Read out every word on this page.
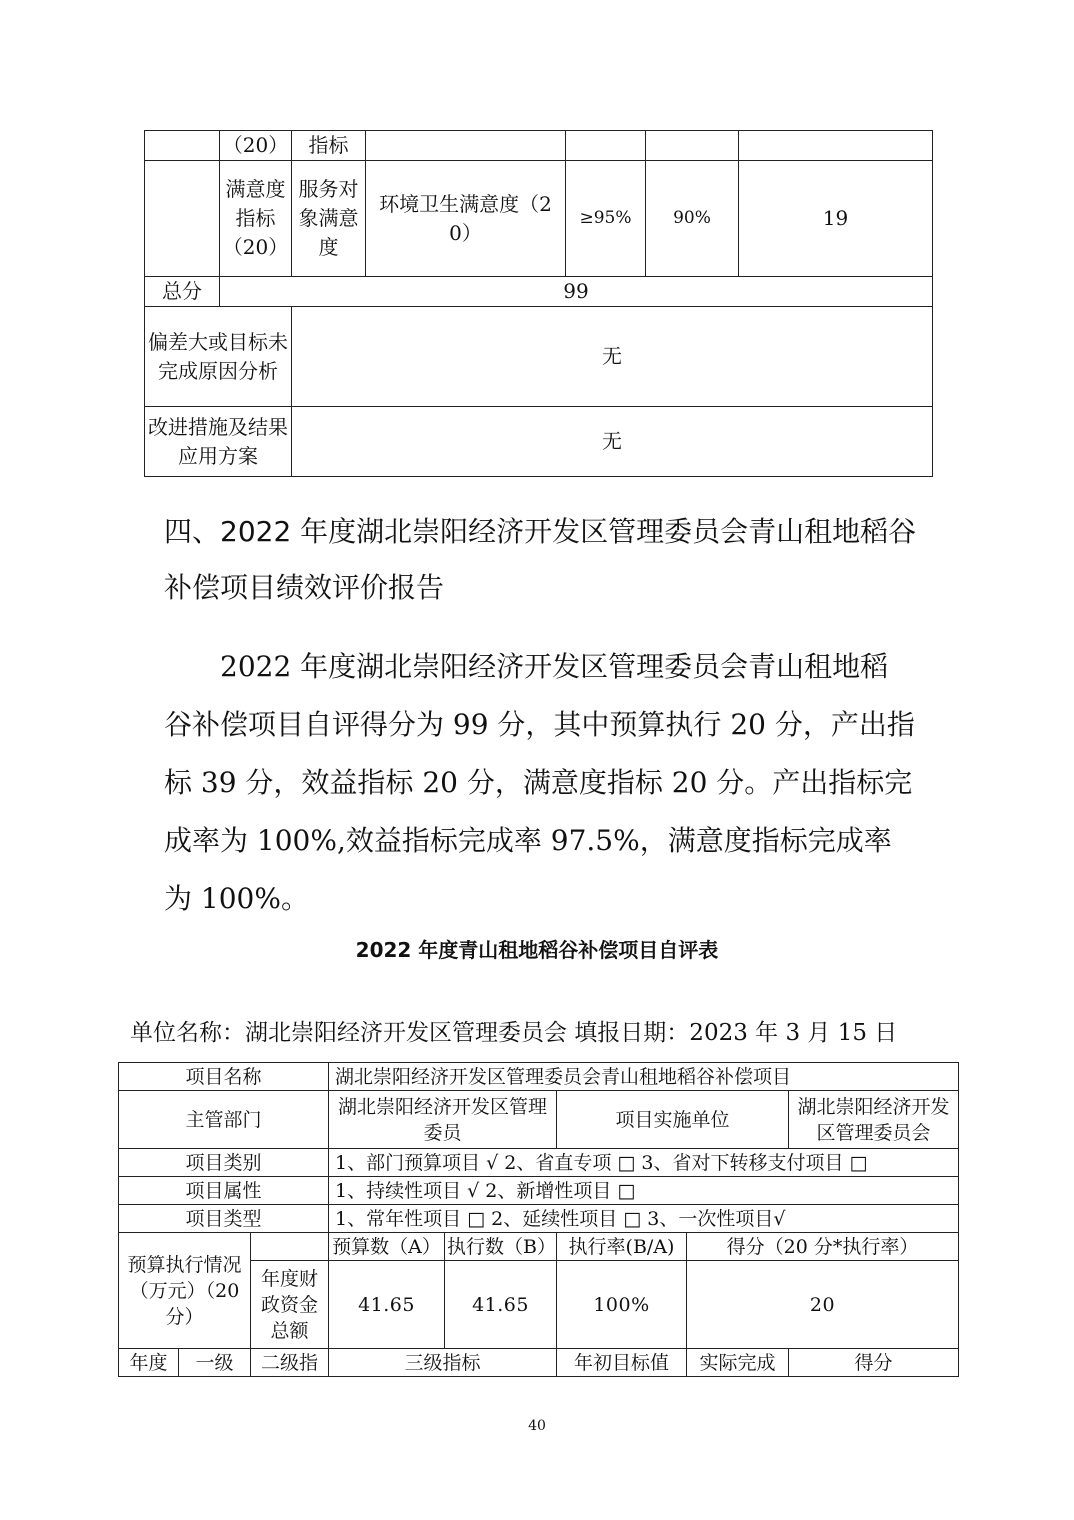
	（20）	指标				
	满意度指标（20）	服务对象满意度	环境卫生满意度（20）	≥95%	90%	19
总分	99					
偏差大或目标未完成原因分析		无				
改进措施及结果应用方案		无				
四、2022 年度湖北崇阳经济开发区管理委员会青山租地稻谷
补偿项目绩效评价报告

2022 年度湖北崇阳经济开发区管理委员会青山租地稻谷补偿项目自评得分为 99 分，其中预算执行 20 分，产出指标 39 分，效益指标 20 分，满意度指标 20 分。产出指标完成率为 100%,效益指标完成率 97.5%，满意度指标完成率为 100%。

2022 年度青山租地稻谷补偿项目自评表
单位名称：湖北崇阳经济开发区管理委员会 填报日期：2023 年 3 月 15 日
项目名称			湖北崇阳经济开发区管理委员会青山租地稻谷补偿项目				
主管部门			湖北崇阳经济开发区管理委员		项目实施单位		湖北崇阳经济开发区管理委员会
项目类别			1、部门预算项目 √ 2、省直专项 □ 3、省对下转移支付项目 □				
项目属性			1、持续性项目 √ 2、新增性项目 □				
项目类型			1、常年性项目 □ 2、延续性项目 □ 3、一次性项目√				
预算执行情况（万元）（20 分）			预算数（A）	执行数（B）	执行率(B/A)	得分（20 分*执行率）	
		年度财政资金总额	41.65	41.65	100%	20	
年度	一级	二级指	三级指标		年初目标值	实际完成	得分
40
